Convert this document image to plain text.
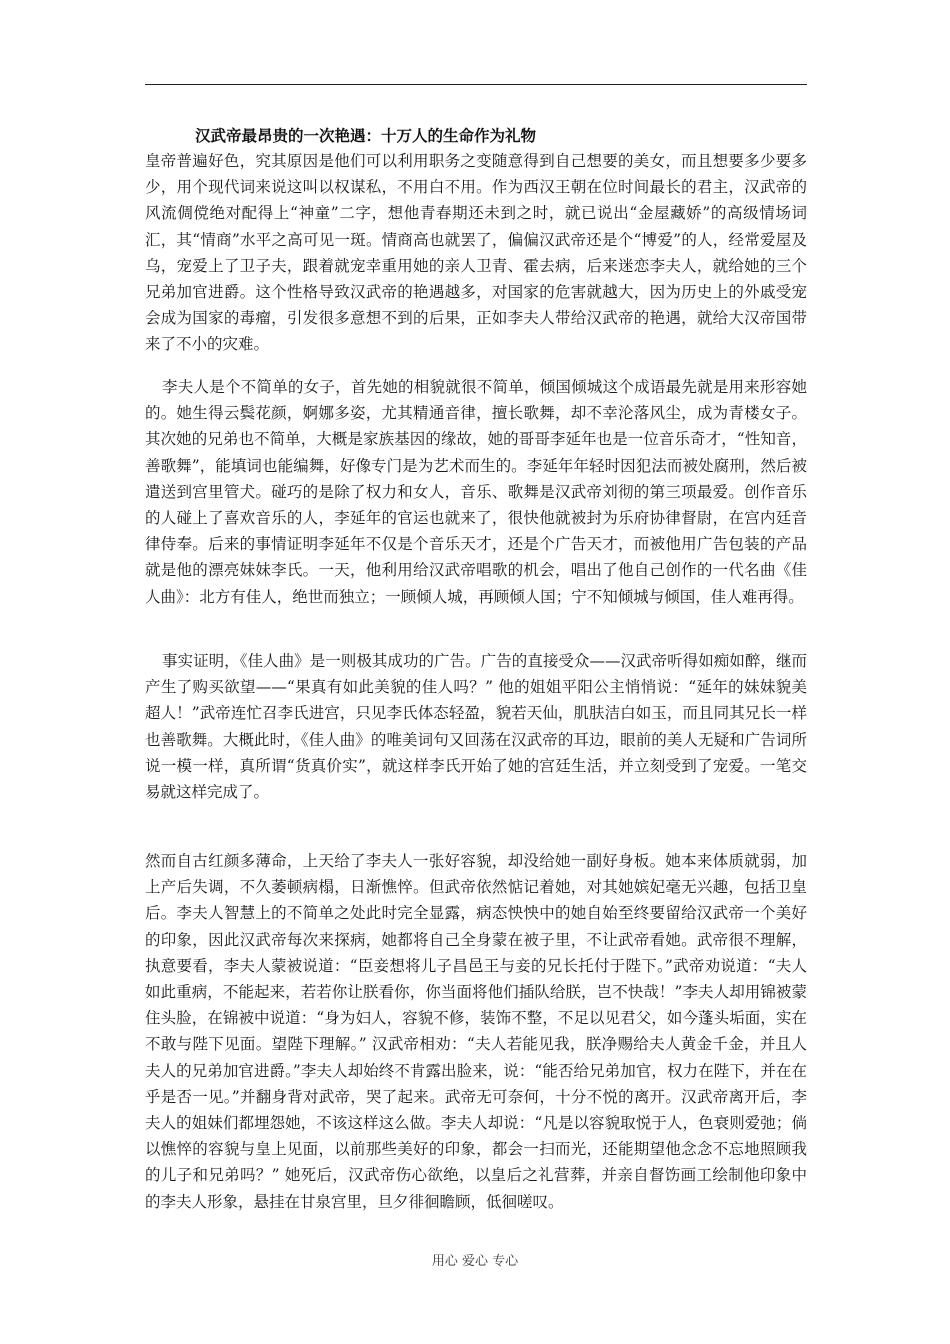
汉武帝最昂贵的一次艳遇：十万人的生命作为礼物

皇帝普遍好色，究其原因是他们可以利用职务之变随意得到自己想要的美女，而且想要多少要多少，用个现代词来说这叫以权谋私，不用白不用。作为西汉王朝在位时间最长的君主，汉武帝的风流倜傥绝对配得上“神童”二字，想他青春期还未到之时，就已说出“金屋藏娇”的高级情场词汇，其“情商”水平之高可见一斑。情商高也就罢了，偏偏汉武帝还是个“博爱”的人，经常爱屋及乌，宠爱上了卫子夫，跟着就宠幸重用她的亲人卫青、霍去病，后来迷恋李夫人，就给她的三个兄弟加官进爵。这个性格导致汉武帝的艳遇越多，对国家的危害就越大，因为历史上的外戚受宠会成为国家的毒瘤，引发很多意想不到的后果，正如李夫人带给汉武帝的艳遇，就给大汉帝国带来了不小的灾难。

李夫人是个不简单的女子，首先她的相貌就很不简单，倾国倾城这个成语最先就是用来形容她的。她生得云鬓花颜，婀娜多姿，尤其精通音律，擅长歌舞，却不幸沦落风尘，成为青楼女子。其次她的兄弟也不简单，大概是家族基因的缘故，她的哥哥李延年也是一位音乐奇才，“性知音，善歌舞”，能填词也能编舞，好像专门是为艺术而生的。李延年年轻时因犯法而被处腐刑，然后被遣送到宫里管犬。碰巧的是除了权力和女人，音乐、歌舞是汉武帝刘彻的第三项最爱。创作音乐的人碰上了喜欢音乐的人，李延年的官运也就来了，很快他就被封为乐府协律督尉，在宫内廷音律侍奉。后来的事情证明李延年不仅是个音乐天才，还是个广告天才，而被他用广告包装的产品就是他的漂亮妹妹李氏。一天，他利用给汉武帝唱歌的机会，唱出了他自己创作的一代名曲《佳人曲》：北方有佳人，绝世而独立；一顾倾人城，再顾倾人国；宁不知倾城与倾国，佳人难再得。

事实证明，《佳人曲》是一则极其成功的广告。广告的直接受众——汉武帝听得如痴如醉，继而产生了购买欲望——“果真有如此美貌的佳人吗？” 他的姐姐平阳公主悄悄说：“延年的妹妹貌美超人！”武帝连忙召李氏进宫，只见李氏体态轻盈，貌若天仙，肌肤洁白如玉，而且同其兄长一样也善歌舞。大概此时，《佳人曲》的唯美词句又回荡在汉武帝的耳边，眼前的美人无疑和广告词所说一模一样，真所谓“货真价实”，就这样李氏开始了她的宫廷生活，并立刻受到了宠爱。一笔交易就这样完成了。

然而自古红颜多薄命，上天给了李夫人一张好容貌，却没给她一副好身板。她本来体质就弱，加上产后失调，不久萎顿病榻，日渐憔悴。但武帝依然惦记着她，对其她嫔妃毫无兴趣，包括卫皇后。李夫人智慧上的不简单之处此时完全显露，病态怏怏中的她自始至终要留给汉武帝一个美好的印象，因此汉武帝每次来探病，她都将自己全身蒙在被子里，不让武帝看她。武帝很不理解，执意要看，李夫人蒙被说道：“臣妾想将儿子昌邑王与妾的兄长托付于陛下。”武帝劝说道：“夫人如此重病，不能起来，若若你让朕看你，你当面将他们插队给朕，岂不快哉！”李夫人却用锦被蒙住头脸，在锦被中说道：“身为妇人，容貌不修，装饰不整，不足以见君父，如今蓬头垢面，实在不敢与陛下见面。望陛下理解。” 汉武帝相劝：“夫人若能见我，朕净赐给夫人黄金千金，并且人夫人的兄弟加官进爵。”李夫人却始终不肯露出脸来，说：“能否给兄弟加官，权力在陛下，并在在乎是否一见。”并翻身背对武帝，哭了起来。武帝无可奈何，十分不悦的离开。汉武帝离开后，李夫人的姐妹们都埋怨她，不该这样这么做。李夫人却说：“凡是以容貌取悦于人，色衰则爱弛；倘以憔悴的容貌与皇上见面，以前那些美好的印象，都会一扫而光，还能期望他念念不忘地照顾我的儿子和兄弟吗？” 她死后，汉武帝伤心欲绝，以皇后之礼营葬，并亲自督饬画工绘制他印象中的李夫人形象，悬挂在甘泉宫里，旦夕徘徊瞻顾，低徊嗟叹。

用心 爱心 专心
